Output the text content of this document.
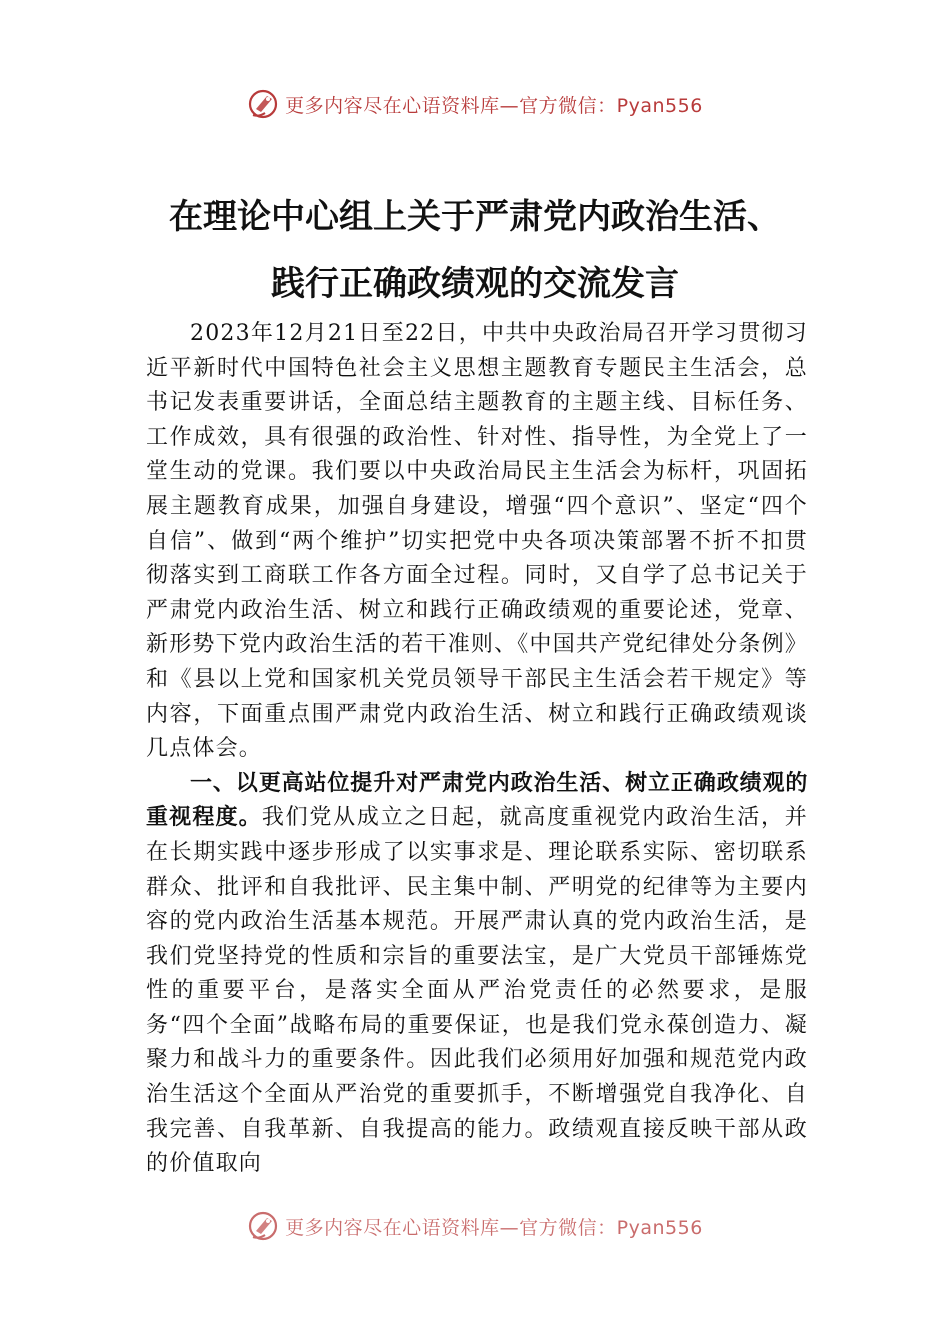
更多内容尽在心语资料库—官方微信：Pyan556
在理论中心组上关于严肃党内政治生活、
践行正确政绩观的交流发言

2023年12月21日至22日，中共中央政治局召开学习贯彻习近平新时代中国特色社会主义思想主题教育专题民主生活会，总书记发表重要讲话，全面总结主题教育的主题主线、目标任务、工作成效，具有很强的政治性、针对性、指导性，为全党上了一堂生动的党课。我们要以中央政治局民主生活会为标杆，巩固拓展主题教育成果，加强自身建设，增强“四个意识”、坚定“四个自信”、做到“两个维护”切实把党中央各项决策部署不折不扣贯彻落实到工商联工作各方面全过程。同时，又自学了总书记关于严肃党内政治生活、树立和践行正确政绩观的重要论述，党章、新形势下党内政治生活的若干准则、《中国共产党纪律处分条例》和《县以上党和国家机关党员领导干部民主生活会若干规定》等内容，下面重点围严肃党内政治生活、树立和践行正确政绩观谈几点体会。

一、以更高站位提升对严肃党内政治生活、树立正确政绩观的重视程度。我们党从成立之日起，就高度重视党内政治生活，并在长期实践中逐步形成了以实事求是、理论联系实际、密切联系群众、批评和自我批评、民主集中制、严明党的纪律等为主要内容的党内政治生活基本规范。开展严肃认真的党内政治生活，是我们党坚持党的性质和宗旨的重要法宝，是广大党员干部锤炼党性的重要平台，是落实全面从严治党责任的必然要求，是服务“四个全面”战略布局的重要保证，也是我们党永葆创造力、凝聚力和战斗力的重要条件。因此我们必须用好加强和规范党内政治生活这个全面从严治党的重要抓手，不断增强党自我净化、自我完善、自我革新、自我提高的能力。政绩观直接反映干部从政的价值取向

更多内容尽在心语资料库—官方微信：Pyan556
